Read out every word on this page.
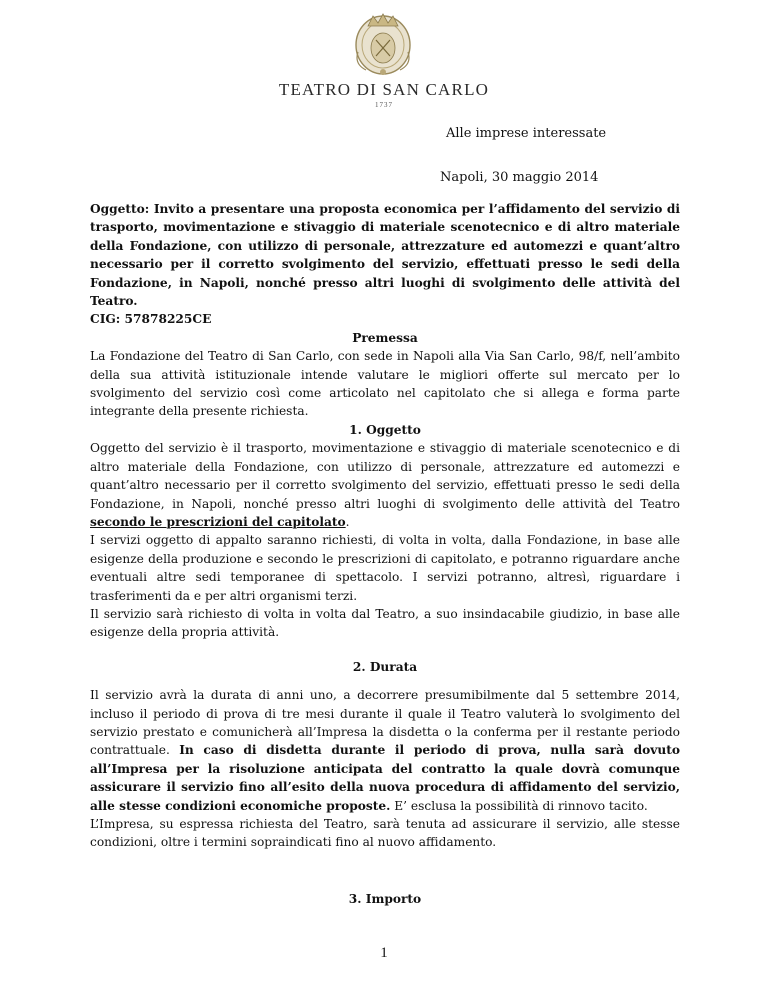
TEATRO DI SAN CARLO
1737
Alle imprese interessate
Napoli, 30 maggio 2014

Oggetto: Invito a presentare una proposta economica per l’affidamento del servizio di trasporto, movimentazione e stivaggio di materiale scenotecnico e di altro materiale della Fondazione, con utilizzo di personale, attrezzature ed automezzi e quant’altro necessario per il corretto svolgimento del servizio, effettuati presso le sedi della Fondazione, in Napoli, nonché presso altri luoghi di svolgimento delle attività del Teatro.

CIG: 57878225CE

Premessa

La Fondazione del Teatro di San Carlo, con sede in Napoli alla Via San Carlo, 98/f, nell’ambito della sua attività istituzionale intende valutare le migliori offerte sul mercato per lo svolgimento del servizio così come articolato nel capitolato che si allega e forma parte integrante della presente richiesta.

1. Oggetto

Oggetto del servizio è il trasporto, movimentazione e stivaggio di materiale scenotecnico e di altro materiale della Fondazione, con utilizzo di personale, attrezzature ed automezzi e quant’altro necessario per il corretto svolgimento del servizio, effettuati presso le sedi della Fondazione, in Napoli, nonché presso altri luoghi di svolgimento delle attività del Teatro secondo le prescrizioni del capitolato.

I servizi oggetto di appalto saranno richiesti, di volta in volta, dalla Fondazione, in base alle esigenze della produzione e secondo le prescrizioni di capitolato, e potranno riguardare anche eventuali altre sedi temporanee di spettacolo. I servizi potranno, altresì, riguardare i trasferimenti da e per altri organismi terzi.

Il servizio sarà richiesto di volta in volta dal Teatro, a suo insindacabile giudizio, in base alle esigenze della propria attività.

2. Durata

Il servizio avrà la durata di anni uno, a decorrere presumibilmente dal 5 settembre 2014, incluso il periodo di prova di tre mesi durante il quale il Teatro valuterà lo svolgimento del servizio prestato e comunicherà all’Impresa la disdetta o la conferma per il restante periodo contrattuale. In caso di disdetta durante il periodo di prova, nulla sarà dovuto all’Impresa per la risoluzione anticipata del contratto la quale dovrà comunque assicurare il servizio fino all’esito della nuova procedura di affidamento del servizio, alle stesse condizioni economiche proposte. E’ esclusa la possibilità di rinnovo tacito.

L’Impresa, su espressa richiesta del Teatro, sarà tenuta ad assicurare il servizio, alle stesse condizioni, oltre i termini sopraindicati fino al nuovo affidamento.

3. Importo

1
